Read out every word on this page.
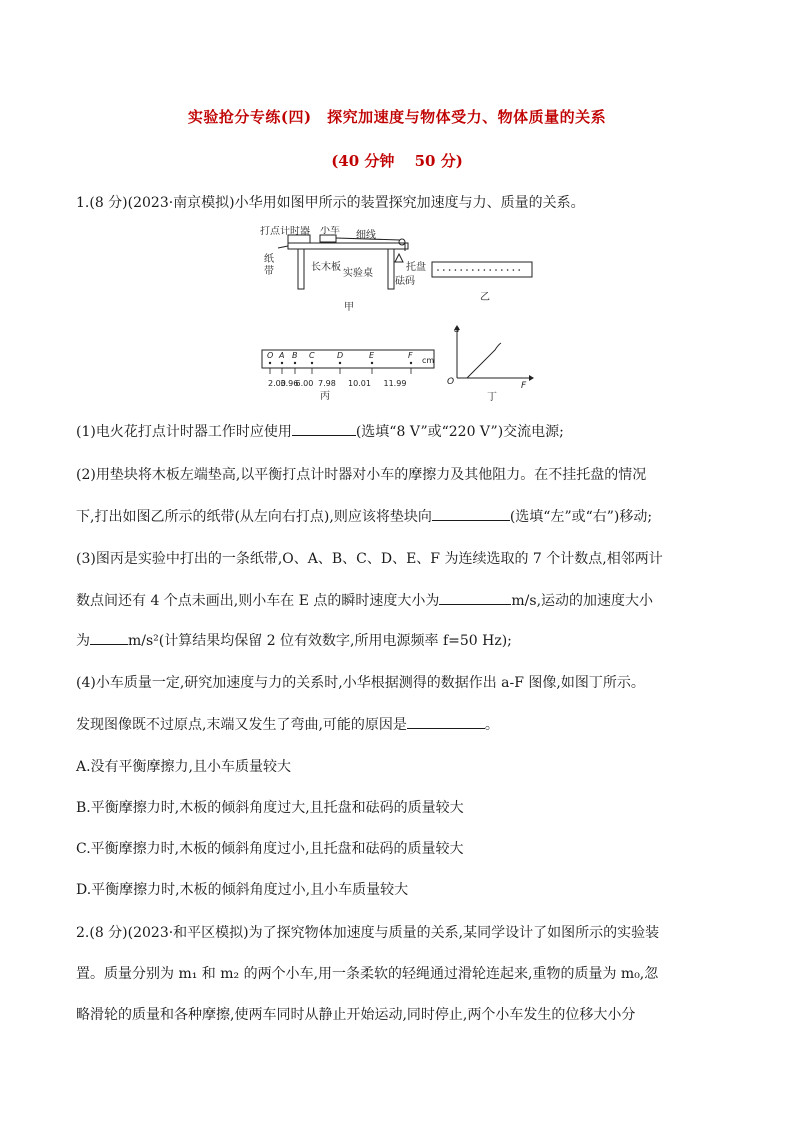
实验抢分专练(四)　探究加速度与物体受力、物体质量的关系
(40 分钟　 50 分)
1.(8 分)(2023·南京模拟)小华用如图甲所示的装置探究加速度与力、质量的关系。
打点计时器 小车 细线
纸
带	长木板
实验桌
托盘
砝码
甲
乙
O A B C	D	E	F
2.00
3.96
6.00 7.98 10.01 11.99
cm
丙
a
F
O
丁
(1)电火花打点计时器工作时应使用	(选填“8 V”或“220 V”)交流电源;
(2)用垫块将木板左端垫高,以平衡打点计时器对小车的摩擦力及其他阻力。在不挂托盘的情况
下,打出如图乙所示的纸带(从左向右打点),则应该将垫块向	(选填“左”或“右”)移动;
(3)图丙是实验中打出的一条纸带,O、A、B、C、D、E、F 为连续选取的 7 个计数点,相邻两计
数点间还有 4 个点未画出,则小车在 E 点的瞬时速度大小为	m/s,运动的加速度大小
为	m/s²(计算结果均保留 2 位有效数字,所用电源频率 f=50 Hz);
(4)小车质量一定,研究加速度与力的关系时,小华根据测得的数据作出 a-F 图像,如图丁所示。
发现图像既不过原点,末端又发生了弯曲,可能的原因是	。
A.没有平衡摩擦力,且小车质量较大
B.平衡摩擦力时,木板的倾斜角度过大,且托盘和砝码的质量较大
C.平衡摩擦力时,木板的倾斜角度过小,且托盘和砝码的质量较大
D.平衡摩擦力时,木板的倾斜角度过小,且小车质量较大
2.(8 分)(2023·和平区模拟)为了探究物体加速度与质量的关系,某同学设计了如图所示的实验装
置。质量分别为 m₁ 和 m₂ 的两个小车,用一条柔软的轻绳通过滑轮连起来,重物的质量为 m₀,忽
略滑轮的质量和各种摩擦,使两车同时从静止开始运动,同时停止,两个小车发生的位移大小分
